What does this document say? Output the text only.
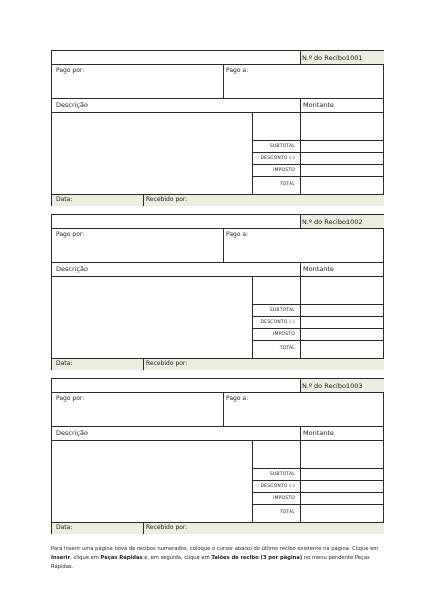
N.º do Recibo:
1001
Pago por:	Pago a:
Descrição	Montante
SUBTOTAL
DESCONTO (-)
IMPOSTO
TOTAL
Data:	Recebido por:
N.º do Recibo:
1002
Pago por:	Pago a:
Descrição	Montante
SUBTOTAL
DESCONTO (-)
IMPOSTO
TOTAL
Data:	Recebido por:
N.º do Recibo:
1003
Pago por:	Pago a:
Descrição	Montante
SUBTOTAL
DESCONTO (-)
IMPOSTO
TOTAL
Data:	Recebido por:
Para inserir uma página nova de recibos numerados, coloque o cursor abaixo do último recibo existente na página. Clique em Inserir, clique em Peças Rápidas e, em seguida, clique em Talões de recibo (3 por página) no menu pendente Peças Rápidas.
